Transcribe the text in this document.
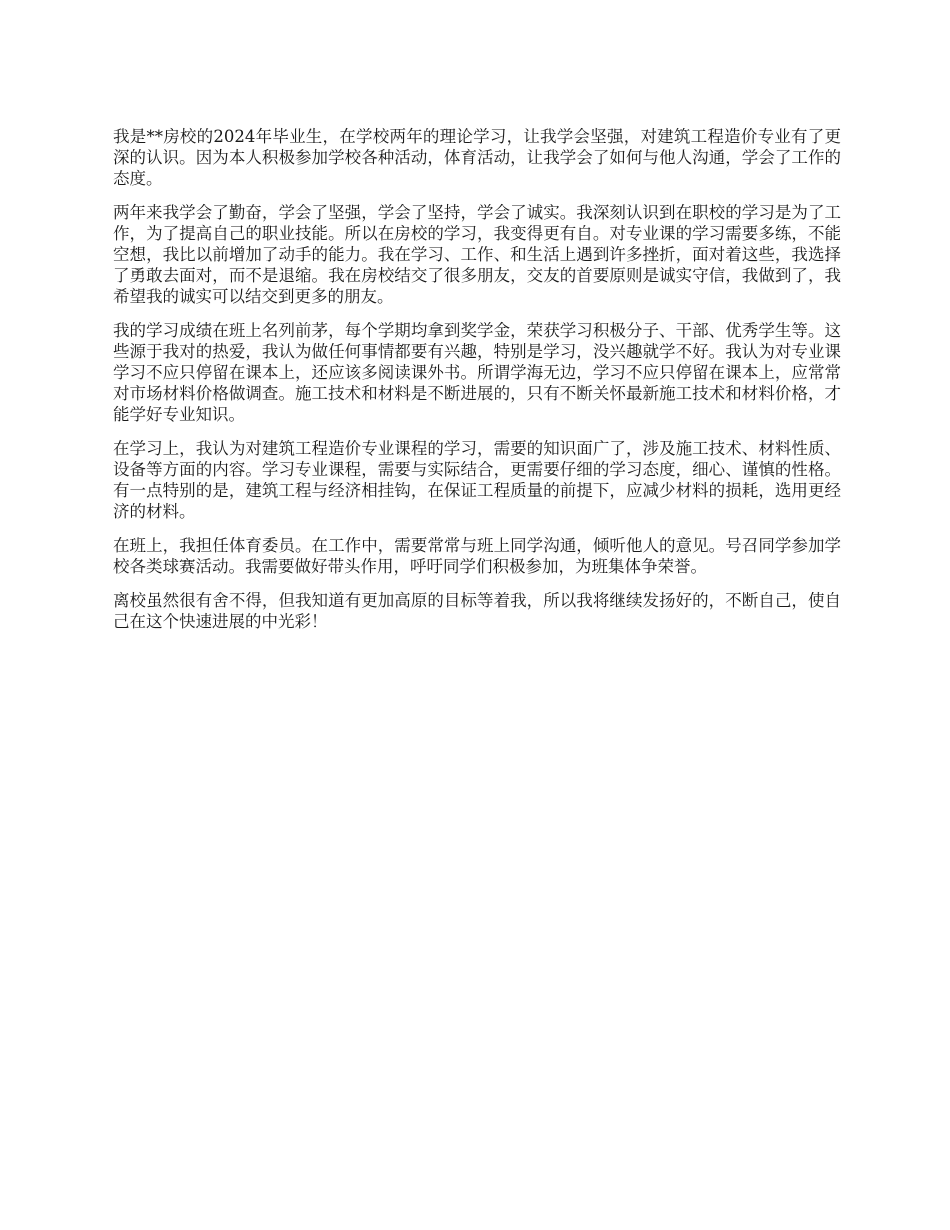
我是**房校的2024年毕业生，在学校两年的理论学习，让我学会坚强，对建筑工程造价专业有了更深的认识。因为本人积极参加学校各种活动，体育活动，让我学会了如何与他人沟通，学会了工作的态度。

两年来我学会了勤奋，学会了坚强，学会了坚持，学会了诚实。我深刻认识到在职校的学习是为了工作，为了提高自己的职业技能。所以在房校的学习，我变得更有自。对专业课的学习需要多练，不能空想，我比以前增加了动手的能力。我在学习、工作、和生活上遇到许多挫折，面对着这些，我选择了勇敢去面对，而不是退缩。我在房校结交了很多朋友，交友的首要原则是诚实守信，我做到了，我希望我的诚实可以结交到更多的朋友。

我的学习成绩在班上名列前茅，每个学期均拿到奖学金，荣获学习积极分子、干部、优秀学生等。这些源于我对的热爱，我认为做任何事情都要有兴趣，特别是学习，没兴趣就学不好。我认为对专业课学习不应只停留在课本上，还应该多阅读课外书。所谓学海无边，学习不应只停留在课本上，应常常对市场材料价格做调查。施工技术和材料是不断进展的，只有不断关怀最新施工技术和材料价格，才能学好专业知识。

在学习上，我认为对建筑工程造价专业课程的学习，需要的知识面广了，涉及施工技术、材料性质、设备等方面的内容。学习专业课程，需要与实际结合，更需要仔细的学习态度，细心、谨慎的性格。有一点特别的是，建筑工程与经济相挂钩，在保证工程质量的前提下，应减少材料的损耗，选用更经济的材料。

在班上，我担任体育委员。在工作中，需要常常与班上同学沟通，倾听他人的意见。号召同学参加学校各类球赛活动。我需要做好带头作用，呼吁同学们积极参加，为班集体争荣誉。

离校虽然很有舍不得，但我知道有更加高原的目标等着我，所以我将继续发扬好的，不断自己，使自己在这个快速进展的中光彩！
